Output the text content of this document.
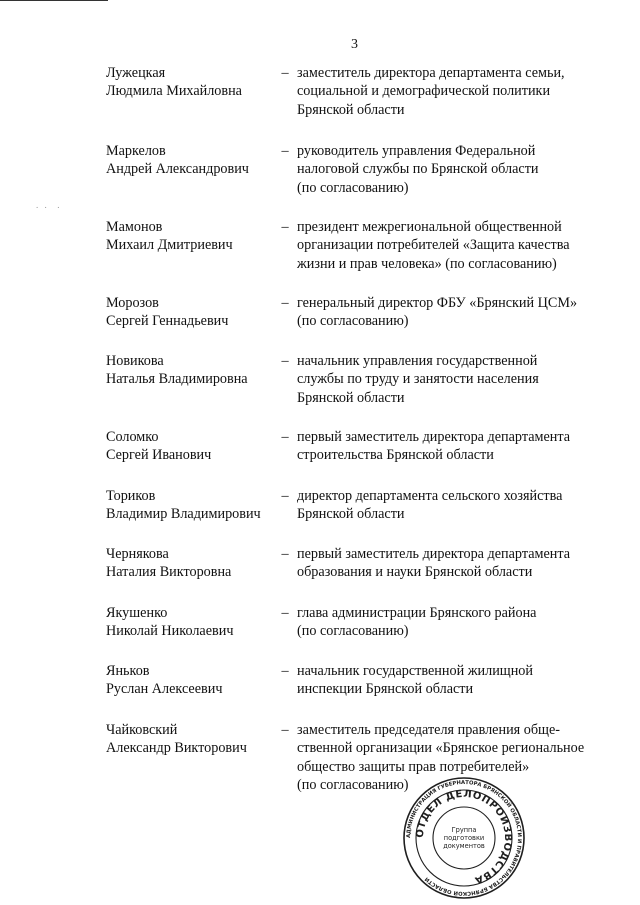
3
. .  .
Лужецкая
Людмила Михайловна
– заместитель директора департамента семьи,
социальной и демографической политики
Брянской области
Маркелов
Андрей Александрович
– руководитель управления Федеральной
налоговой службы по Брянской области
(по согласованию)
Мамонов
Михаил Дмитриевич
– президент межрегиональной общественной
организации потребителей «Защита качества
жизни и прав человека» (по согласованию)
Морозов
Сергей Геннадьевич
– генеральный директор ФБУ «Брянский ЦСМ»
(по согласованию)
Новикова
Наталья Владимировна
– начальник управления государственной
службы по труду и занятости населения
Брянской области
Соломко
Сергей Иванович
– первый заместитель директора департамента
строительства Брянской области
Ториков
Владимир Владимирович
– директор департамента сельского хозяйства
Брянской области
Чернякова
Наталия Викторовна
– первый заместитель директора департамента
образования и науки Брянской области
Якушенко
Николай Николаевич
– глава администрации Брянского района
(по согласованию)
Яньков
Руслан Алексеевич
– начальник государственной жилищной
инспекции Брянской области
Чайковский
Александр Викторович
– заместитель председателя правления обще-
ственной организации «Брянское региональное
общество защиты прав потребителей»
(по согласованию)
АДМИНИСТРАЦИЯ ГУБЕРНАТОРА БРЯНСКОЙ ОБЛАСТИ И ПРАВИТЕЛЬСТВА БРЯНСКОЙ ОБЛАСТИ
ОТДЕЛ ДЕЛОПРОИЗВОДСТВА
Группа
подготовки
документов
